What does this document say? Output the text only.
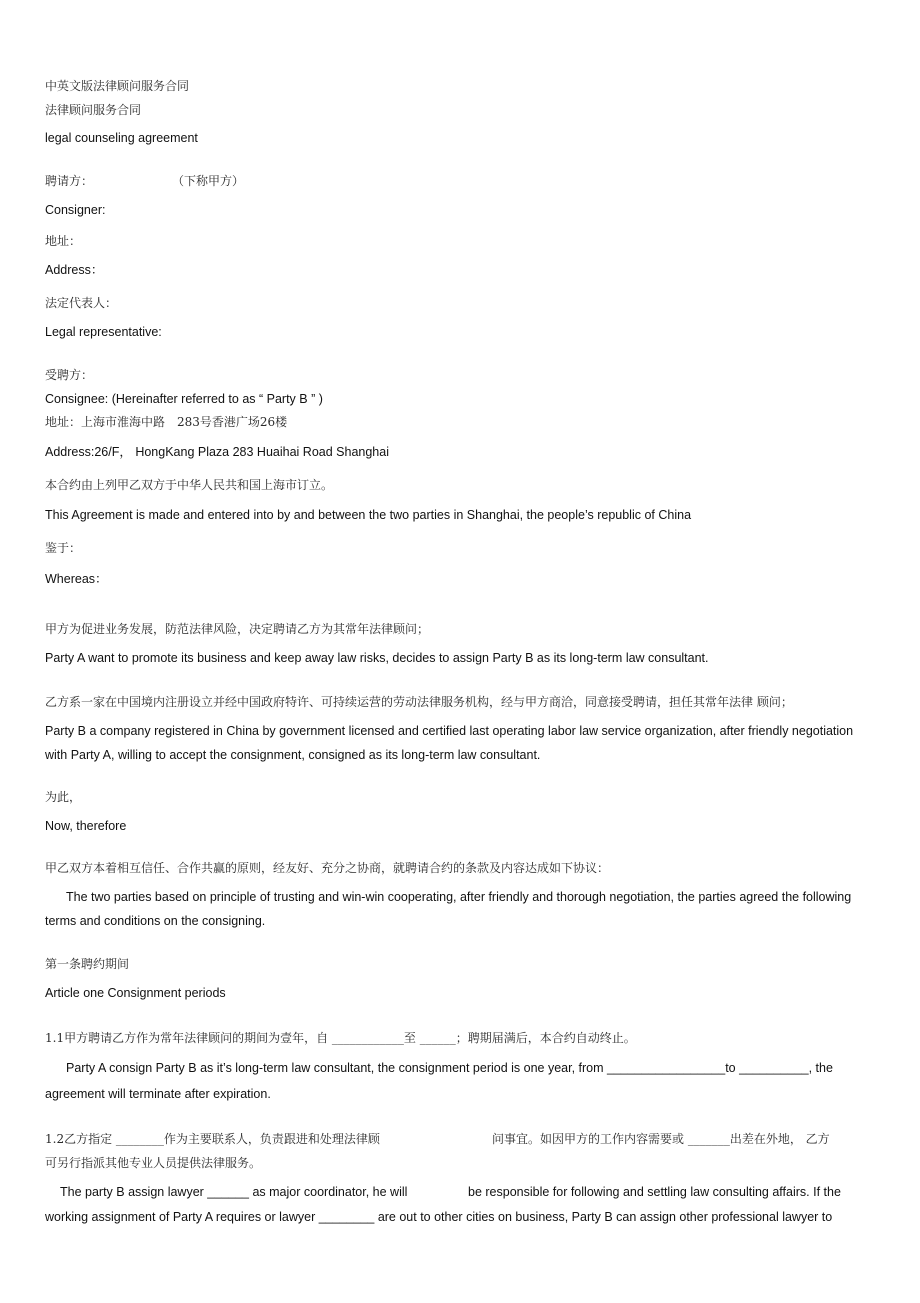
中英文版法律顾问服务合同
法律顾问服务合同
legal counseling agreement
聘请方：	（下称甲方）
Consigner:
地址：
Address：
法定代表人：
Legal representative:
受聘方：
Consignee: (Hereinafter referred to as “ Party B ” )
地址：上海市淮海中路　283号香港广场26楼
Address:26/F， HongKang Plaza 283 Huaihai Road Shanghai
本合约由上列甲乙双方于中华人民共和国上海市订立。
This Agreement is made and entered into by and between the two parties in Shanghai, the people’s republic of China
鉴于：
Whereas：
甲方为促进业务发展，防范法律风险，决定聘请乙方为其常年法律顾问；
Party A want to promote its business and keep away law risks, decides to assign Party B as its long-term law consultant.
乙方系一家在中国境内注册设立并经中国政府特许、可持续运营的劳动法律服务机构，经与甲方商洽，同意接受聘请，担任其常年法律 顾问；
Party B a company registered in China by government licensed and certified last operating labor law service organization, after friendly negotiation
with Party A, willing to accept the consignment, consigned as its long-term law consultant.
为此，
Now, therefore
甲乙双方本着相互信任、合作共赢的原则，经友好、充分之协商，就聘请合约的条款及内容达成如下协议：
The two parties based on principle of trusting and win-win cooperating, after friendly and thorough negotiation, the parties agreed the following
terms and conditions on the consigning.
第一条聘约期间
Article one Consignment periods
1.1甲方聘请乙方作为常年法律顾问的期间为壹年，自 ____________至 ______；聘期届满后，本合约自动终止。
Party A consign Party B as it’s long-term law consultant, the consignment period is one year, from _________________to __________, the
agreement will terminate after expiration.
1.2乙方指定 ________作为主要联系人，负责跟进和处理法律顾	问事宜。如因甲方的工作内容需要或 _______出差在外地， 乙方
可另行指派其他专业人员提供法律服务。
The party B assign lawyer ______ as major coordinator, he will	be responsible for following and settling law consulting affairs. If the
working assignment of Party A requires or lawyer ________ are out to other cities on business, Party B can assign other professional lawyer to
